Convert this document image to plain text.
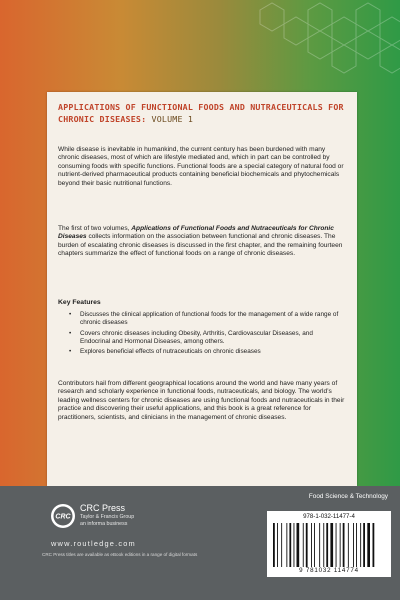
APPLICATIONS OF FUNCTIONAL FOODS AND NUTRACEUTICALS FOR CHRONIC DISEASES: VOLUME 1
While disease is inevitable in humankind, the current century has been burdened with many chronic diseases, most of which are lifestyle mediated and, which in part can be controlled by consuming foods with specific functions. Functional foods are a special category of natural food or nutrient-derived pharmaceutical products containing beneficial biochemicals and phytochemicals beyond their basic nutritional functions.
The first of two volumes, Applications of Functional Foods and Nutraceuticals for Chronic Diseases collects information on the association between functional and chronic diseases. The burden of escalating chronic diseases is discussed in the first chapter, and the remaining fourteen chapters summarize the effect of functional foods on a range of chronic diseases.
Key Features
• Discusses the clinical application of functional foods for the management of a wide range of chronic diseases
• Covers chronic diseases including Obesity, Arthritis, Cardiovascular Diseases, and Endocrinal and Hormonal Diseases, among others.
• Explores beneficial effects of nutraceuticals on chronic diseases
Contributors hail from different geographical locations around the world and have many years of research and scholarly experience in functional foods, nutraceuticals, and biology. The world’s leading wellness centers for chronic diseases are using functional foods and nutraceuticals in their practice and discovering their useful applications, and this book is a great reference for practitioners, scientists, and clinicians in the management of chronic diseases.
CRC
CRC Press
Taylor & Francis Group
an informa business
www.routledge.com
CRC Press titles are available as eBook editions in a range of digital formats
Food Science & Technology
978-1-032-11477-4
9 781032 114774
